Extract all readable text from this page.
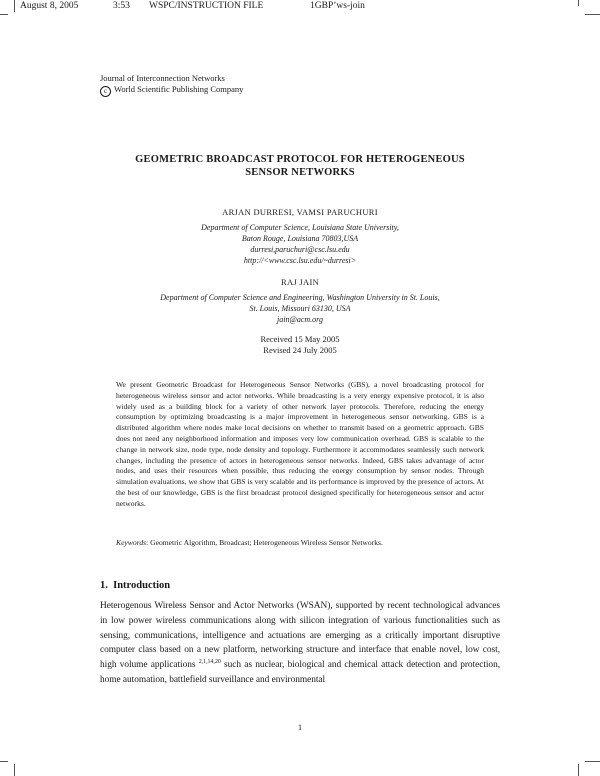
August 8, 2005	3:53 WSPC/INSTRUCTION FILE	1GBP’ws-join
Journal of Interconnection Networks
c World Scientific Publishing Company
GEOMETRIC BROADCAST PROTOCOL FOR HETEROGENEOUS
SENSOR NETWORKS
ARJAN DURRESI, VAMSI PARUCHURI
Department of Computer Science, Louisiana State University,
Baton Rouge, Louisiana 70803,USA
durresi,paruchuri@csc.lsu.edu
http://<www.csc.lsu.edu/~durresi>
RAJ JAIN
Department of Computer Science and Engineering, Washington University in St. Louis,
St. Louis, Missouri 63130, USA
jain@acm.org
Received 15 May 2005
Revised 24 July 2005

We present Geometric Broadcast for Heterogeneous Sensor Networks (GBS), a novel broadcasting protocol for heterogeneous wireless sensor and actor networks. While broadcasting is a very energy expensive protocol, it is also widely used as a building block for a variety of other network layer protocols. Therefore, reducing the energy consumption by optimizing broadcasting is a major improvement in heterogeneous sensor networking. GBS is a distributed algorithm where nodes make local decisions on whether to transmit based on a geometric approach. GBS does not need any neighborhood information and imposes very low communication overhead. GBS is scalable to the change in network size, node type, node density and topology. Furthermore it accommodates seamlessly such network changes, including the presence of actors in heterogeneous sensor networks. Indeed, GBS takes advantage of actor nodes, and uses their resources when possible, thus reducing the energy consumption by sensor nodes. Through simulation evaluations, we show that GBS is very scalable and its performance is improved by the presence of actors. At the best of our knowledge, GBS is the first broadcast protocol designed specifically for heterogeneous sensor and actor networks.

Keywords: Geometric Algorithm, Broadcast; Heterogeneous Wireless Sensor Networks.
1. Introduction

Heterogenous Wireless Sensor and Actor Networks (WSAN), supported by recent technological advances in low power wireless communications along with silicon integration of various functionalities such as sensing, communications, intelligence and actuations are emerging as a critically important disruptive computer class based on a new platform, networking structure and interface that enable novel, low cost, high volume applications $^{2,1,14,20}$ such as nuclear, biological and chemical attack detection and protection, home automation, battlefield surveillance and environmental

1
